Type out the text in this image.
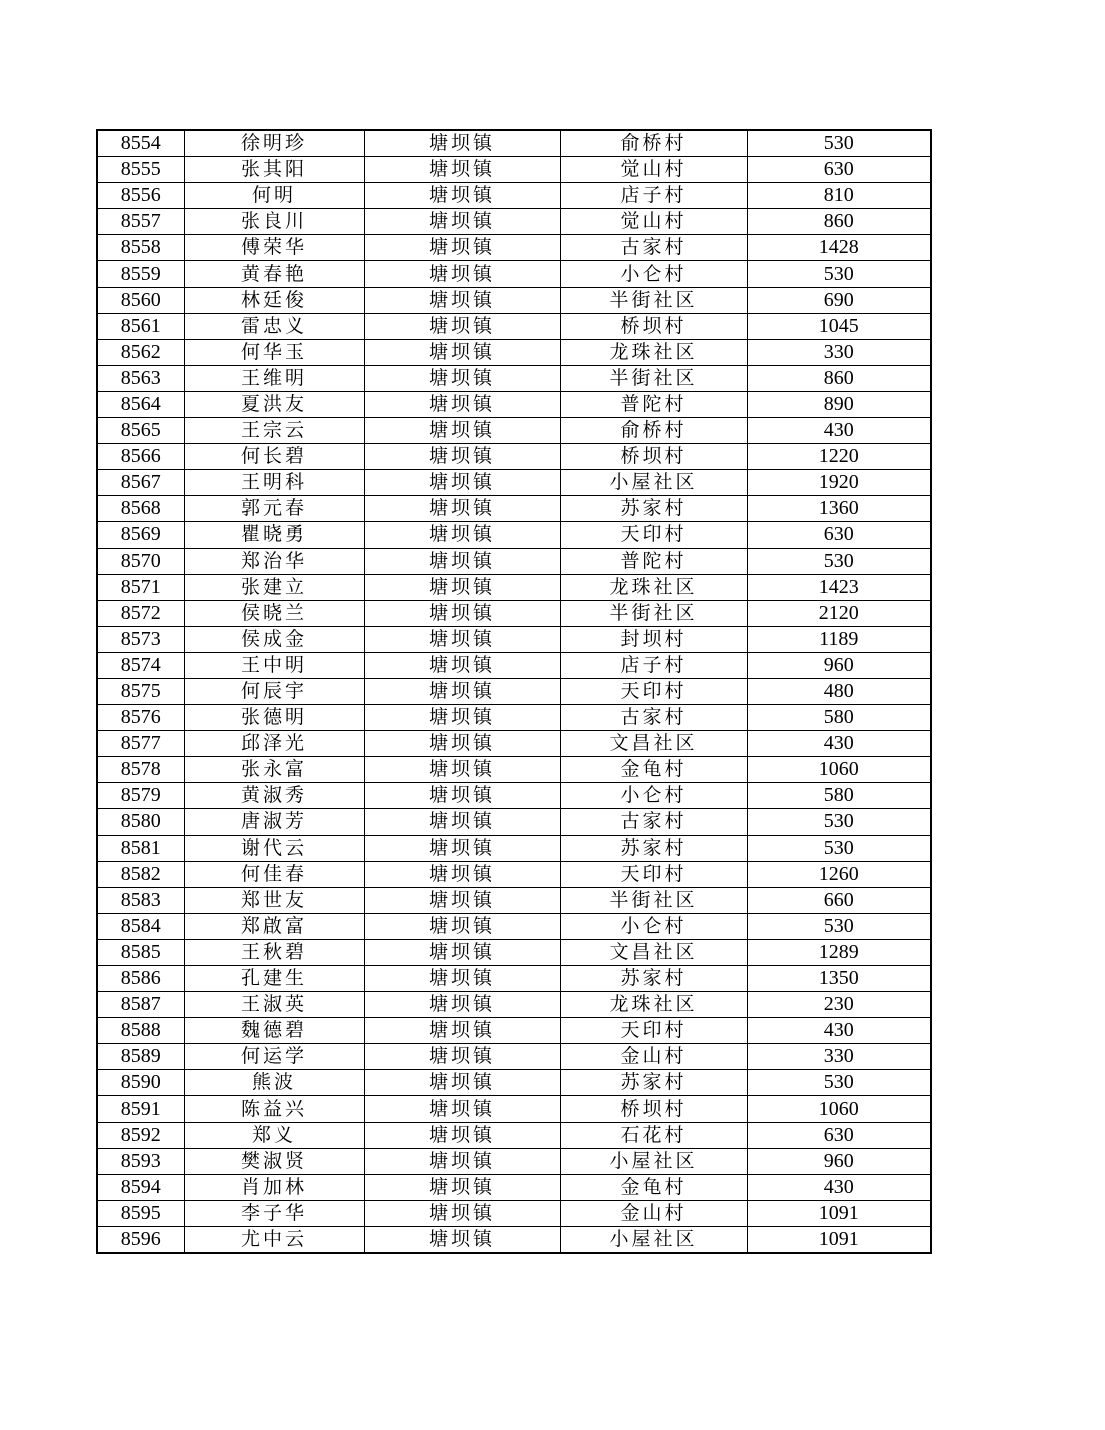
8554	徐明珍	塘坝镇	俞桥村	530
8555	张其阳	塘坝镇	觉山村	630
8556	何明	塘坝镇	店子村	810
8557	张良川	塘坝镇	觉山村	860
8558	傅荣华	塘坝镇	古家村	1428
8559	黄春艳	塘坝镇	小仑村	530
8560	林廷俊	塘坝镇	半街社区	690
8561	雷忠义	塘坝镇	桥坝村	1045
8562	何华玉	塘坝镇	龙珠社区	330
8563	王维明	塘坝镇	半街社区	860
8564	夏洪友	塘坝镇	普陀村	890
8565	王宗云	塘坝镇	俞桥村	430
8566	何长碧	塘坝镇	桥坝村	1220
8567	王明科	塘坝镇	小屋社区	1920
8568	郭元春	塘坝镇	苏家村	1360
8569	瞿晓勇	塘坝镇	天印村	630
8570	郑治华	塘坝镇	普陀村	530
8571	张建立	塘坝镇	龙珠社区	1423
8572	侯晓兰	塘坝镇	半街社区	2120
8573	侯成金	塘坝镇	封坝村	1189
8574	王中明	塘坝镇	店子村	960
8575	何辰宇	塘坝镇	天印村	480
8576	张德明	塘坝镇	古家村	580
8577	邱泽光	塘坝镇	文昌社区	430
8578	张永富	塘坝镇	金龟村	1060
8579	黄淑秀	塘坝镇	小仑村	580
8580	唐淑芳	塘坝镇	古家村	530
8581	谢代云	塘坝镇	苏家村	530
8582	何佳春	塘坝镇	天印村	1260
8583	郑世友	塘坝镇	半街社区	660
8584	郑啟富	塘坝镇	小仑村	530
8585	王秋碧	塘坝镇	文昌社区	1289
8586	孔建生	塘坝镇	苏家村	1350
8587	王淑英	塘坝镇	龙珠社区	230
8588	魏德碧	塘坝镇	天印村	430
8589	何运学	塘坝镇	金山村	330
8590	熊波	塘坝镇	苏家村	530
8591	陈益兴	塘坝镇	桥坝村	1060
8592	郑义	塘坝镇	石花村	630
8593	樊淑贤	塘坝镇	小屋社区	960
8594	肖加林	塘坝镇	金龟村	430
8595	李子华	塘坝镇	金山村	1091
8596	尤中云	塘坝镇	小屋社区	1091
